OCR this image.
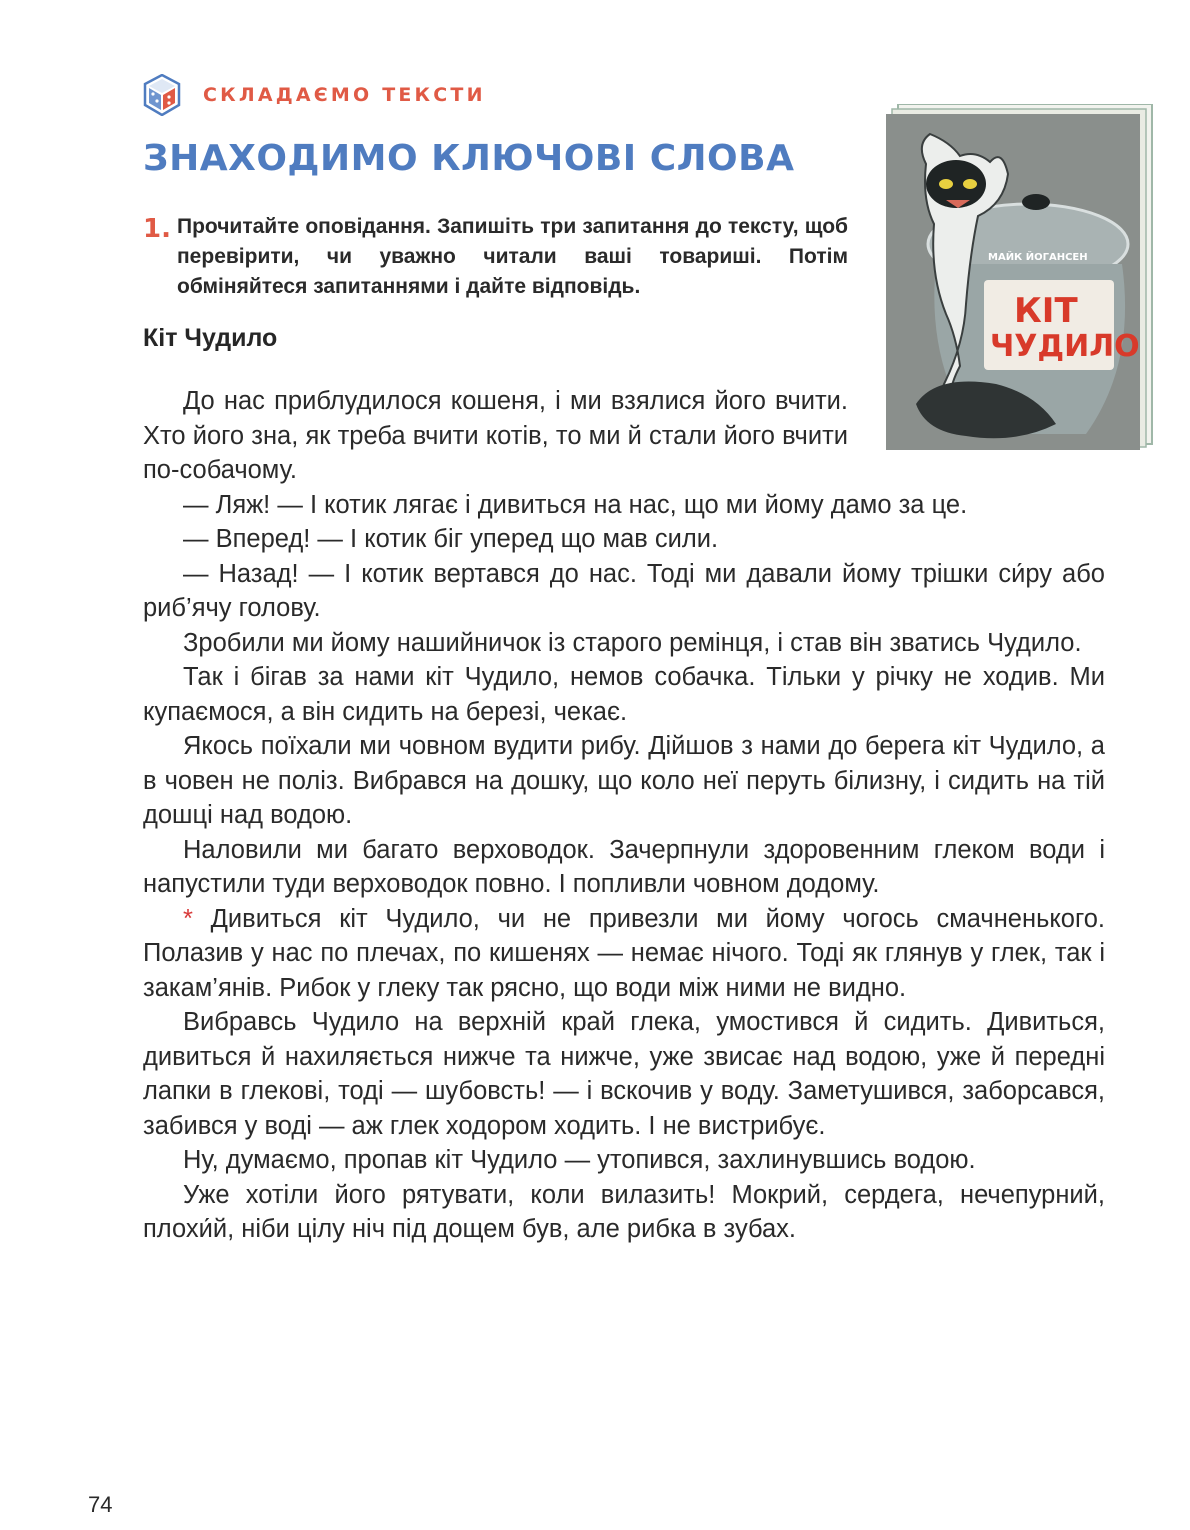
СКЛАДАЄМО ТЕКСТИ
ЗНАХОДИМО КЛЮЧОВІ СЛОВА
1. Прочитайте оповідання. Запишіть три запитання до тексту, щоб перевірити, чи уважно читали ваші товариші. Потім обміняйтеся запитаннями і дайте відповідь.

МАЙК ЙОГАНСЕН
КІТ
ЧУДИЛО
Кіт Чудило

До нас приблудилося кошеня, і ми взялися його вчити. Хто його зна, як треба вчити котів, то ми й стали його вчити по-собачому.

— Ляж! — І котик лягає і дивиться на нас, що ми йому дамо за це.

— Вперед! — І котик біг уперед що мав сили.

— Назад! — І котик вертався до нас. Тоді ми давали йому трішки си́ру або риб’ячу голову.

Зробили ми йому нашийничок із старого ремінця, і став він зватись Чудило.

Так і бігав за нами кіт Чудило, немов собачка. Тільки у річку не ходив. Ми купаємося, а він сидить на березі, чекає.

Якось поїхали ми човном вудити рибу. Дійшов з нами до берега кіт Чудило, а в човен не поліз. Вибрався на дошку, що коло неї перуть білизну, і сидить на тій дошці над водою.

Наловили ми багато верховодок. Зачерпнули здоровенним глеком води і напустили туди верховодок повно. І попливли човном додому.

* Дивиться кіт Чудило, чи не привезли ми йому чогось смачненького. Полазив у нас по плечах, по кишенях — немає нічого. Тоді як глянув у глек, так і закам’янів. Рибок у глеку так рясно, що води між ними не видно.

Вибравсь Чудило на верхній край глека, умостився й сидить. Дивиться, дивиться й нахиляється нижче та нижче, уже звисає над водою, уже й передні лапки в глекові, тоді — шубовсть! — і вскочив у воду. Заметушився, заборсався, забився у воді — аж глек ходором ходить. І не вистрибує.

Ну, думаємо, пропав кіт Чудило — утопився, захлинувшись водою.

Уже хотіли його рятувати, коли вилазить! Мокрий, сердега, нечепурний, плохи́й, ніби цілу ніч під дощем був, але рибка в зубах.

74
